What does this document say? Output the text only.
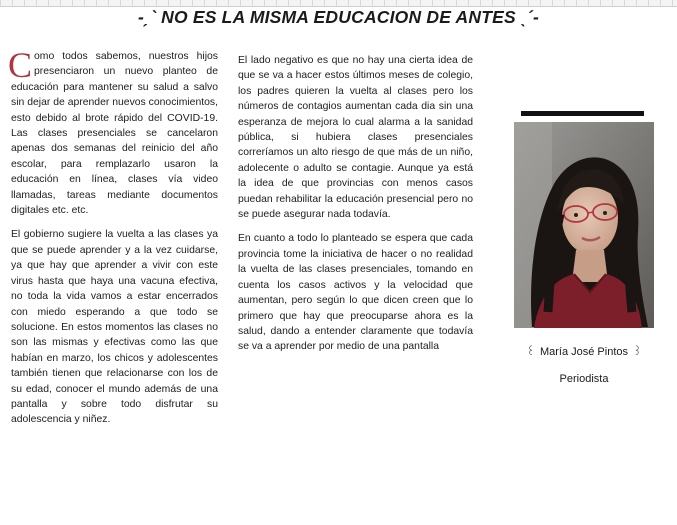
-ˏˋ NO ES LA MISMA EDUCACION DE ANTES ˎˊ-

Como todos sabemos, nuestros hijos presenciaron un nuevo planteo de educación para mantener su salud a salvo sin dejar de aprender nuevos conocimientos, esto debido al brote rápido del COVID-19. Las clases presenciales se cancelaron apenas dos semanas del reinicio del año escolar, para remplazarlo usaron la educación en línea, clases vía video llamadas, tareas mediante documentos digitales etc. etc.

El gobierno sugiere la vuelta a las clases ya que se puede aprender y a la vez cuidarse, ya que hay que aprender a vivir con este virus hasta que haya una vacuna efectiva, no toda la vida vamos a estar encerrados con miedo esperando a que todo se solucione. En estos momentos las clases no son las mismas y efectivas como las que habían en marzo, los chicos y adolescentes también tienen que relacionarse con los de su edad, conocer el mundo además de una pantalla y sobre todo disfrutar su adolescencia y niñez.

El lado negativo es que no hay una cierta idea de que se va a hacer estos últimos meses de colegio, los padres quieren la vuelta al clases pero los números de contagios aumentan cada dia sin una esperanza de mejora lo cual alarma a la sanidad pública, si hubiera clases presenciales correríamos un alto riesgo de que más de un niño, adolecente o adulto se contagie. Aunque ya está la idea de que provincias con menos casos puedan rehabilitar la educación presencial pero no se puede asegurar nada todavía.

En cuanto a todo lo planteado se espera que cada provincia tome la iniciativa de hacer o no realidad la vuelta de las clases presenciales, tomando en cuenta los casos activos y la velocidad que aumentan, pero según lo que dicen creen que lo primero que hay que preocuparse ahora es la salud, dando a entender claramente que todavía se va a aprender por medio de una pantalla	꒰ María José Pintos ꒱
Periodista
